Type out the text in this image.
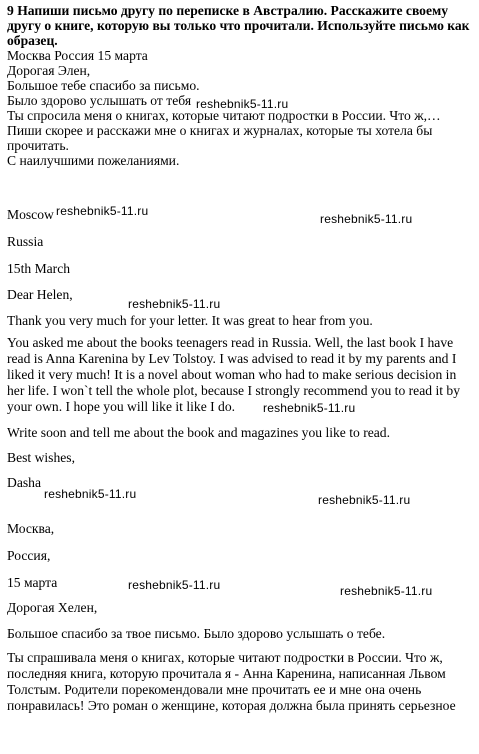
9 Напиши письмо другу по переписке в Австралию. Расскажите своему другу о книге, которую вы только что прочитали. Используйте письмо как образец.

Москва Россия 15 марта

Дорогая Элен,

Большое тебе спасибо за письмо.

Было здорово услышать от тебя

Ты спросила меня о книгах, которые читают подростки в России. Что ж,…

Пиши скорее и расскажи мне о книгах и журналах, которые ты хотела бы прочитать.

С наилучшими пожеланиями.

Moscow
Russia
15th March
Dear Helen,
Thank you very much for your letter. It was great to hear from you.
You asked me about the books teenagers read in Russia. Well, the last book I have read is Anna Karenina by Lev Tolstoy. I was advised to read it by my parents and I liked it very much! It is a novel about woman who had to make serious decision in her life. I won`t tell the whole plot, because I strongly recommend you to read it by your own. I hope you will like it like I do.
Write soon and tell me about the book and magazines you like to read.
Best wishes,
Dasha
Москва,
Россия,
15 марта
Дорогая Хелен,
Большое спасибо за твое письмо. Было здорово услышать о тебе.
Ты спрашивала меня о книгах, которые читают подростки в России. Что ж, последняя книга, которую прочитала я - Анна Каренина, написанная Львом Толстым. Родители порекомендовали мне прочитать ее и мне она очень понравилась! Это роман о женщине, которая должна была принять серьезное
reshebnik5-11.ru
reshebnik5-11.ru
reshebnik5-11.ru
reshebnik5-11.ru
reshebnik5-11.ru
reshebnik5-11.ru	reshebnik5-11.ru
reshebnik5-11.ru	reshebnik5-11.ru
